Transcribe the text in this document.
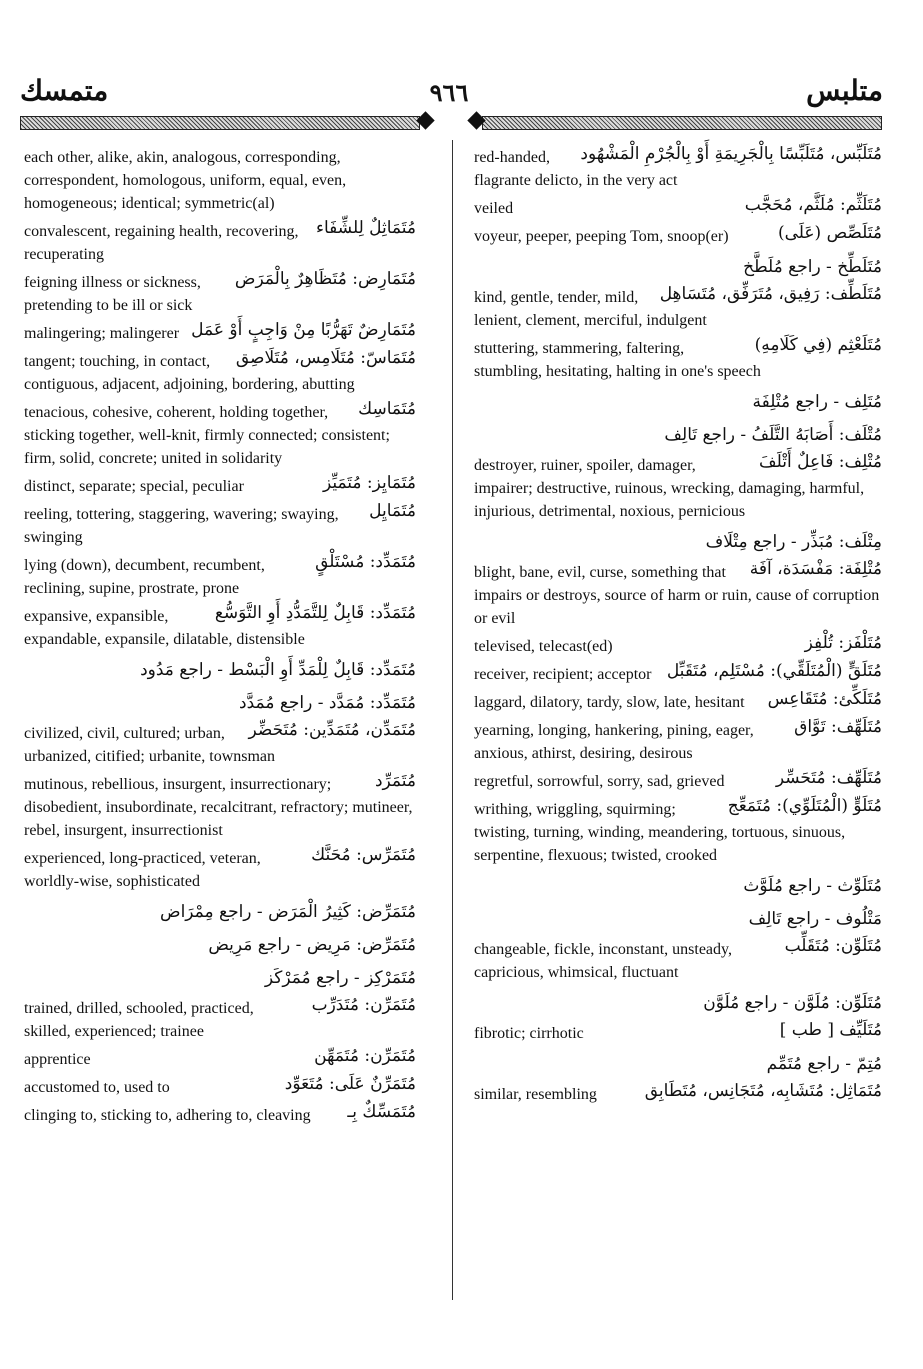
متمسك	٩٦٦	متلبس
each other, alike, akin, analogous, corresponding, correspondent, homologous, uniform, equal, even, homogeneous; identical; symmetric(al)
مُتَمَاثِلٌ لِلشِّفَاء
convalescent, regaining health, recovering, recuperating
مُتَمَارِض: مُتَظَاهِرٌ بِالْمَرَض
feigning illness or sickness, pretending to be ill or sick
مُتَمَارِضٌ تَهَرُّبًا مِنْ وَاجِبٍ أَوْ عَمَل
malingering; malingerer
مُتَمَاسّ: مُتَلَامِس، مُتَلَاصِق
tangent; touching, in contact, contiguous, adjacent, adjoining, bordering, abutting
مُتَمَاسِك
tenacious, cohesive, coherent, holding together, sticking together, well-knit, firmly connected; consistent; firm, solid, concrete; united in solidarity
مُتَمَايِز: مُتَمَيِّز
distinct, separate; special, peculiar
مُتَمَايِل
reeling, tottering, staggering, wavering; swaying, swinging
مُتَمَدِّد: مُسْتَلْقٍ
lying (down), decumbent, recumbent, reclining, supine, prostrate, prone
مُتَمَدِّد: قَابِلٌ لِلتَّمَدُّدِ أَوِ التَّوَسُّع
expansive, expansible, expandable, expansile, dilatable, distensible
مُتَمَدِّد: قَابِلٌ لِلْمَدِّ أَوِ الْبَسْط - راجع مَدُود
مُتَمَدِّد: مُمَدَّد - راجع مُمَدَّد
مُتَمَدِّن، مُتَمَدِّين: مُتَحَضِّر
civilized, civil, cultured; urban, urbanized, citified; urbanite, townsman
مُتَمَرِّد
mutinous, rebellious, insurgent, insurrectionary; disobedient, insubordinate, recalcitrant, refractory; mutineer, rebel, insurgent, insurrectionist
مُتَمَرِّس: مُحَنَّك
experienced, long-practiced, veteran, worldly-wise, sophisticated
مُتَمَرِّض: كَثِيرُ الْمَرَض - راجع مِمْرَاض
مُتَمَرِّض: مَرِيض - راجع مَرِيض
مُتَمَرْكِز - راجع مُمَرْكَز
مُتَمَرِّن: مُتَدَرِّب
trained, drilled, schooled, practiced, skilled, experienced; trainee
مُتَمَرِّن: مُتَمَهِّن
apprentice
مُتَمَرِّنٌ عَلَى: مُتَعَوِّد
accustomed to, used to
مُتَمَسِّكٌ بِـ
clinging to, sticking to, adhering to, cleaving
مُتَلَبِّس، مُتَلَبِّسًا بِالْجَرِيمَةِ أَوْ بِالْجُرْمِ الْمَشْهُود
red-handed, flagrante delicto, in the very act
مُتَلَثِّم: مُلَثَّم، مُحَجَّب
veiled
مُتَلَصِّص (عَلَى)
voyeur, peeper, peeping Tom, snoop(er)
مُتَلَطِّخ - راجع مُلَطَّخ
مُتَلَطِّف: رَفِيق، مُتَرَفِّق، مُتَسَاهِل
kind, gentle, tender, mild, lenient, clement, merciful, indulgent
مُتَلَعْثِم (فِي كَلَامِهِ)
stuttering, stammering, faltering, stumbling, hesitating, halting in one's speech
مُتَلِف - راجع مُتْلِفَة
مُتْلَف: أَصَابَهُ التَّلَفُ - راجع تَالِف
مُتْلِف: فَاعِلٌ أَتْلَفَ
destroyer, ruiner, spoiler, damager, impairer; destructive, ruinous, wrecking, damaging, harmful, injurious, detrimental, noxious, pernicious
مِتْلَف: مُبَذِّر - راجع مِتْلَاف
مُتْلِفَة: مَفْسَدَة، آفَة
blight, bane, evil, curse, something that impairs or destroys, source of harm or ruin, cause of corruption or evil
مُتَلْفَز: تُلْفِز
televised, telecast(ed)
مُتَلَقٍّ (الْمُتَلَقِّي): مُسْتَلِم، مُتَقَبِّل
receiver, recipient; acceptor
مُتَلَكِّئ: مُتَقَاعِس
laggard, dilatory, tardy, slow, late, hesitant
مُتَلَهِّف: تَوَّاق
yearning, longing, hankering, pining, eager, anxious, athirst, desiring, desirous
مُتَلَهِّف: مُتَحَسِّر
regretful, sorrowful, sorry, sad, grieved
مُتَلَوٍّ (الْمُتَلَوِّي): مُتَمَعِّج
writhing, wriggling, squirming; twisting, turning, winding, meandering, tortuous, sinuous, serpentine, flexuous; twisted, crooked
مُتَلَوِّث - راجع مُلَوَّث
مَتْلُوف - راجع تَالِف
مُتَلَوِّن: مُتَقَلِّب
changeable, fickle, inconstant, unsteady, capricious, whimsical, fluctuant
مُتَلَوِّن: مُلَوَّن - راجع مُلَوَّن
مُتَلَيِّف [ طب ]
fibrotic; cirrhotic
مُتِمّ - راجع مُتَمِّم
مُتَمَاثِل: مُتَشَابِه، مُتَجَانِس، مُتَطَابِق
similar, resembling
